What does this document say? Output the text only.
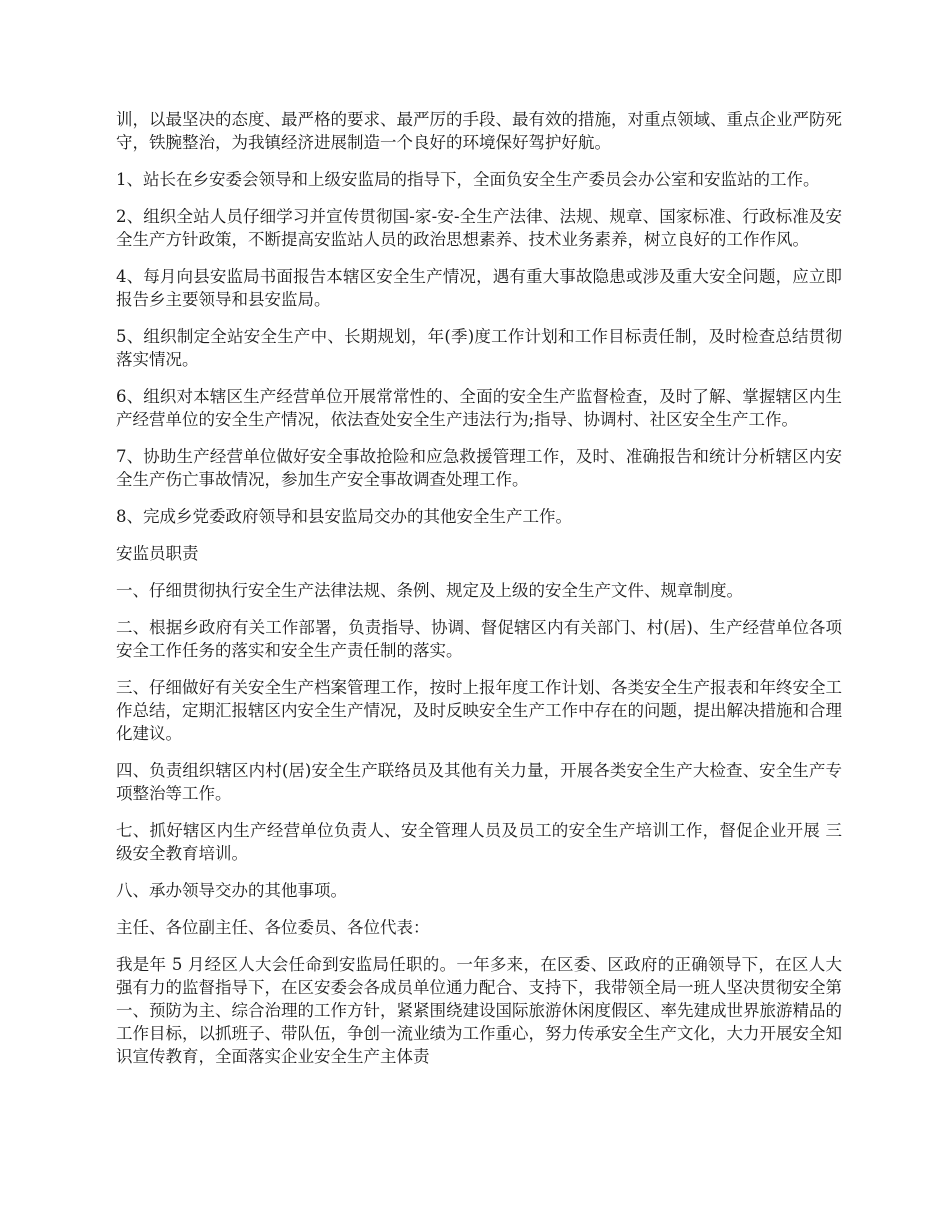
训，以最坚决的态度、最严格的要求、最严厉的手段、最有效的措施，对重点领域、重点企业严防死守，铁腕整治，为我镇经济进展制造一个良好的环境保好驾护好航。

1、站长在乡安委会领导和上级安监局的指导下，全面负安全生产委员会办公室和安监站的工作。

2、组织全站人员仔细学习并宣传贯彻国-家-安-全生产法律、法规、规章、国家标准、行政标准及安全生产方针政策，不断提高安监站人员的政治思想素养、技术业务素养，树立良好的工作作风。

4、每月向县安监局书面报告本辖区安全生产情况，遇有重大事故隐患或涉及重大安全问题，应立即报告乡主要领导和县安监局。

5、组织制定全站安全生产中、长期规划，年(季)度工作计划和工作目标责任制，及时检查总结贯彻落实情况。

6、组织对本辖区生产经营单位开展常常性的、全面的安全生产监督检查，及时了解、掌握辖区内生产经营单位的安全生产情况，依法查处安全生产违法行为;指导、协调村、社区安全生产工作。

7、协助生产经营单位做好安全事故抢险和应急救援管理工作，及时、准确报告和统计分析辖区内安全生产伤亡事故情况，参加生产安全事故调查处理工作。

8、完成乡党委政府领导和县安监局交办的其他安全生产工作。

安监员职责

一、仔细贯彻执行安全生产法律法规、条例、规定及上级的安全生产文件、规章制度。

二、根据乡政府有关工作部署，负责指导、协调、督促辖区内有关部门、村(居)、生产经营单位各项安全工作任务的落实和安全生产责任制的落实。

三、仔细做好有关安全生产档案管理工作，按时上报年度工作计划、各类安全生产报表和年终安全工作总结，定期汇报辖区内安全生产情况，及时反映安全生产工作中存在的问题，提出解决措施和合理化建议。

四、负责组织辖区内村(居)安全生产联络员及其他有关力量，开展各类安全生产大检查、安全生产专项整治等工作。

七、抓好辖区内生产经营单位负责人、安全管理人员及员工的安全生产培训工作，督促企业开展 三级安全教育培训。

八、承办领导交办的其他事项。

主任、各位副主任、各位委员、各位代表：

我是年 5 月经区人大会任命到安监局任职的。一年多来，在区委、区政府的正确领导下，在区人大强有力的监督指导下，在区安委会各成员单位通力配合、支持下，我带领全局一班人坚决贯彻安全第一、预防为主、综合治理的工作方针，紧紧围绕建设国际旅游休闲度假区、率先建成世界旅游精品的工作目标，以抓班子、带队伍，争创一流业绩为工作重心，努力传承安全生产文化，大力开展安全知识宣传教育，全面落实企业安全生产主体责
